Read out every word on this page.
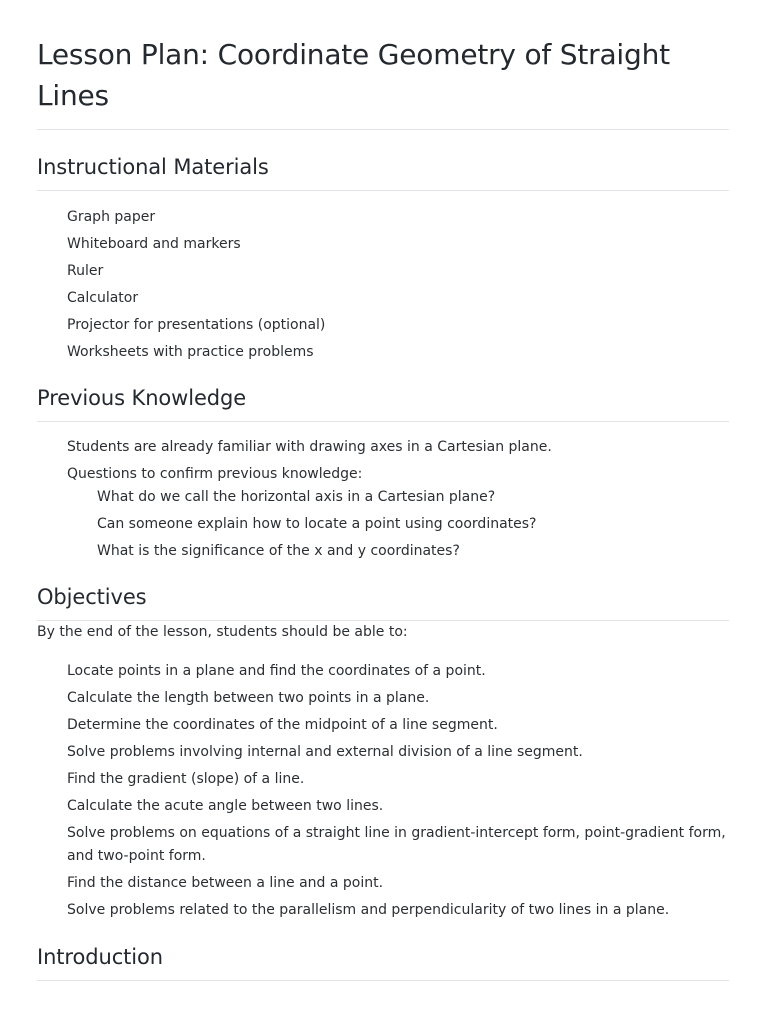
Lesson Plan: Coordinate Geometry of Straight Lines
Instructional Materials
Graph paper
Whiteboard and markers
Ruler
Calculator
Projector for presentations (optional)
Worksheets with practice problems
Previous Knowledge
Students are already familiar with drawing axes in a Cartesian plane.
Questions to confirm previous knowledge:
What do we call the horizontal axis in a Cartesian plane?
Can someone explain how to locate a point using coordinates?
What is the significance of the x and y coordinates?
Objectives

By the end of the lesson, students should be able to:

Locate points in a plane and find the coordinates of a point.
Calculate the length between two points in a plane.
Determine the coordinates of the midpoint of a line segment.
Solve problems involving internal and external division of a line segment.
Find the gradient (slope) of a line.
Calculate the acute angle between two lines.
Solve problems on equations of a straight line in gradient-intercept form, point-gradient form, and two-point form.
Find the distance between a line and a point.
Solve problems related to the parallelism and perpendicularity of two lines in a plane.
Introduction
